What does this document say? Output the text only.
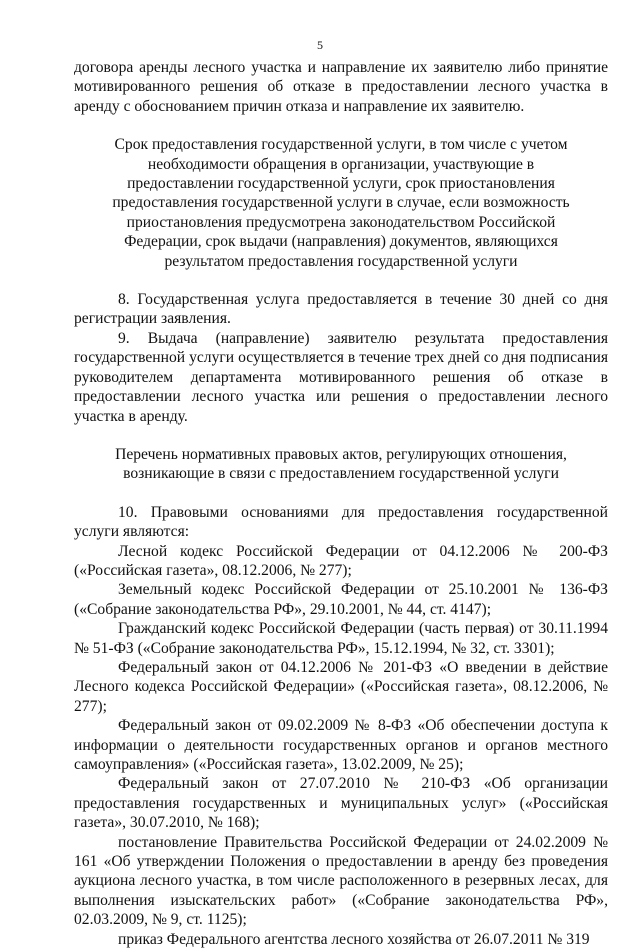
5

договора аренды лесного участка и направление их заявителю либо принятие мотивированного решения об отказе в предоставлении лесного участка в аренду с обоснованием причин отказа и направление их заявителю.

Срок предоставления государственной услуги, в том числе с учетом необходимости обращения в организации, участвующие в предоставлении государственной услуги, срок приостановления предоставления государственной услуги в случае, если возможность приостановления предусмотрена законодательством Российской Федерации, срок выдачи (направления) документов, являющихся результатом предоставления государственной услуги

8. Государственная услуга предоставляется в течение 30 дней со дня регистрации заявления.

9. Выдача (направление) заявителю результата предоставления государственной услуги осуществляется в течение трех дней со дня подписания руководителем департамента мотивированного решения об отказе в предоставлении лесного участка или решения о предоставлении лесного участка в аренду.

Перечень нормативных правовых актов, регулирующих отношения, возникающие в связи с предоставлением государственной услуги

10. Правовыми основаниями для предоставления государственной услуги являются:

Лесной кодекс Российской Федерации от 04.12.2006 № 200-ФЗ («Российская газета», 08.12.2006, № 277);

Земельный кодекс Российской Федерации от 25.10.2001 № 136-ФЗ («Собрание законодательства РФ», 29.10.2001, № 44, ст. 4147);

Гражданский кодекс Российской Федерации (часть первая) от 30.11.1994 № 51-ФЗ («Собрание законодательства РФ», 15.12.1994, № 32, ст. 3301);

Федеральный закон от 04.12.2006 № 201-ФЗ «О введении в действие Лесного кодекса Российской Федерации» («Российская газета», 08.12.2006, № 277);

Федеральный закон от 09.02.2009 № 8-ФЗ «Об обеспечении доступа к информации о деятельности государственных органов и органов местного самоуправления» («Российская газета», 13.02.2009, № 25);

Федеральный закон от 27.07.2010 № 210-ФЗ «Об организации предоставления государственных и муниципальных услуг» («Российская газета», 30.07.2010, № 168);

постановление Правительства Российской Федерации от 24.02.2009 № 161 «Об утверждении Положения о предоставлении в аренду без проведения аукциона лесного участка, в том числе расположенного в резервных лесах, для выполнения изыскательских работ» («Собрание законодательства РФ», 02.03.2009, № 9, ст. 1125);

приказ Федерального агентства лесного хозяйства от 26.07.2011 № 319
